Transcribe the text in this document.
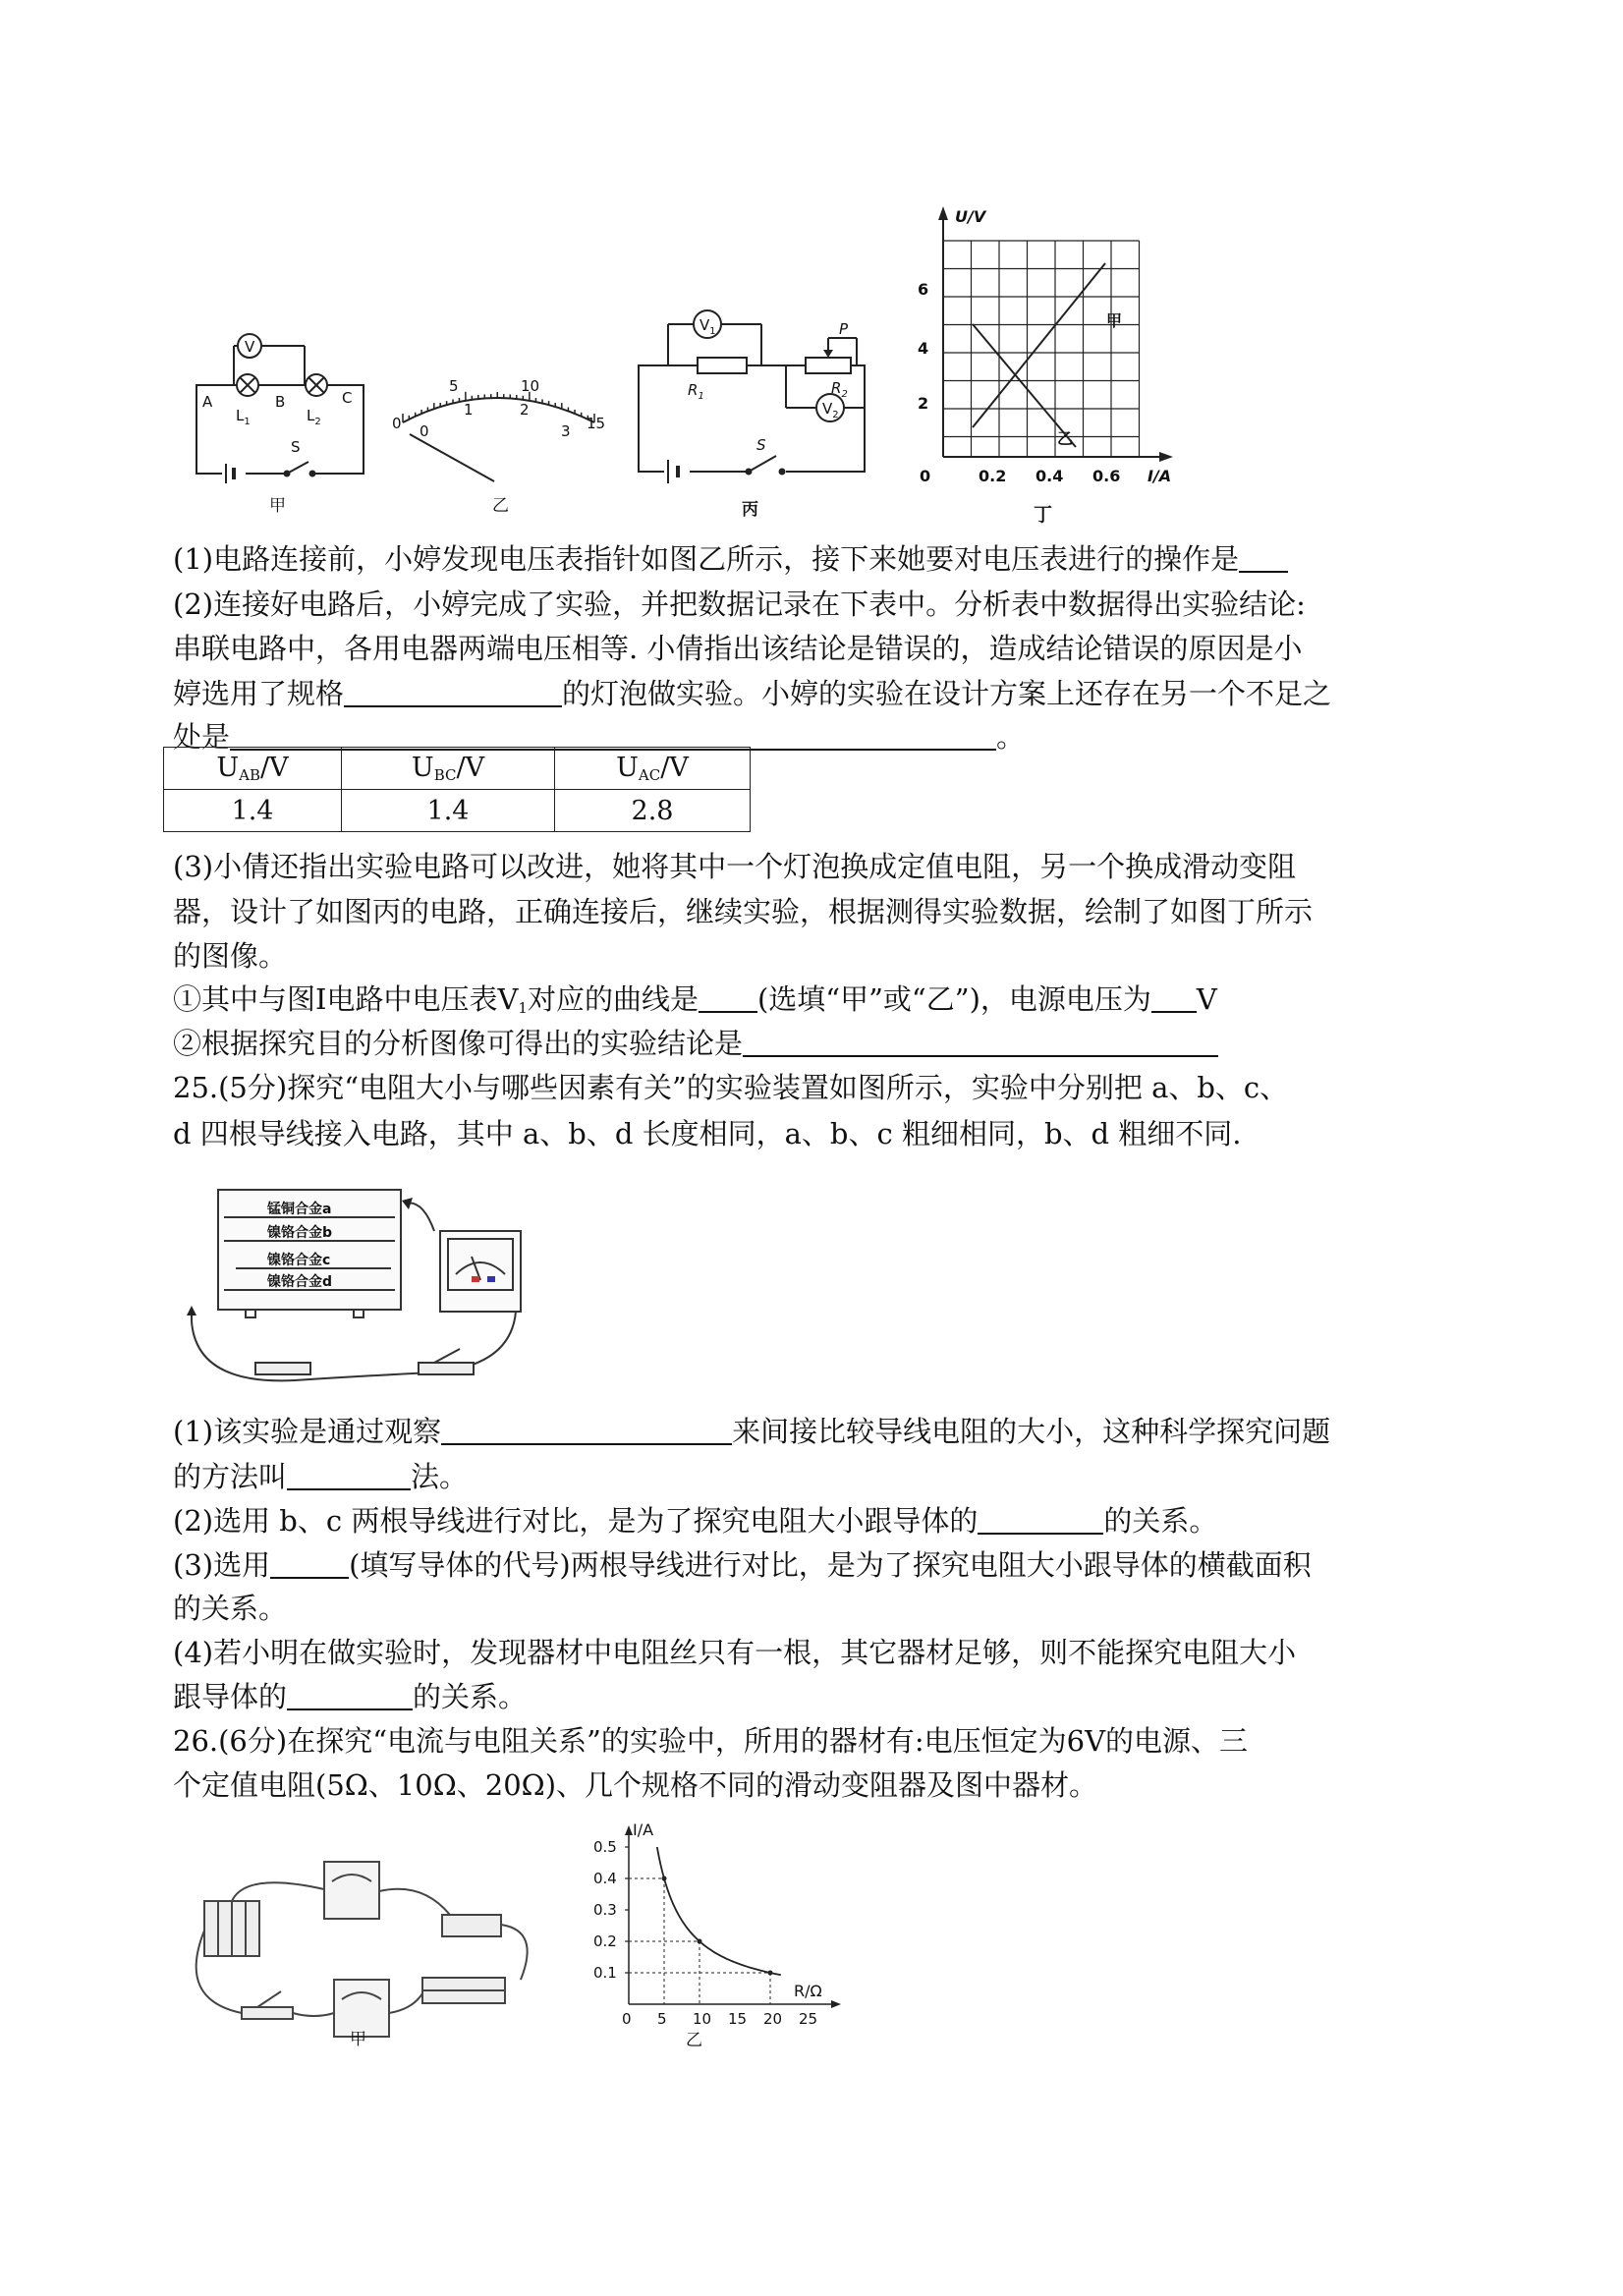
V
A	B	C
$L_1$	$L_2$
S
甲
0
5	10
15
0
1	2
3
乙
$V_1$
$R_1$
P
$R_2$
$V_2$
S
丙
U/V
6
4
2
0	0.2 0.4 0.6 I/A
甲
乙
丁
(1)电路连接前，小婷发现电压表指针如图乙所示，接下来她要对电压表进行的操作是
(2)连接好电路后，小婷完成了实验，并把数据记录在下表中。分析表中数据得出实验结论:
串联电路中，各用电器两端电压相等. 小倩指出该结论是错误的，造成结论错误的原因是小
婷选用了规格	的灯泡做实验。小婷的实验在设计方案上还存在另一个不足之
处是	。
$U_{AB}/V$	$U_{BC}/V$	$U_{AC}/V$
1.4	1.4	2.8
(3)小倩还指出实验电路可以改进，她将其中一个灯泡换成定值电阻，另一个换成滑动变阻
器，设计了如图丙的电路，正确连接后，继续实验，根据测得实验数据，绘制了如图丁所示
的图像。
①其中与图Ⅰ电路中电压表$V_1$对应的曲线是 (选填“甲”或“乙”)，电源电压为 V
②根据探究目的分析图像可得出的实验结论是
25.(5分)探究“电阻大小与哪些因素有关”的实验装置如图所示，实验中分别把 a、b、c、
d 四根导线接入电路，其中 a、b、d 长度相同，a、b、c 粗细相同，b、d 粗细不同.
锰铜合金a
镍铬合金b
镍铬合金c
镍铬合金d
(1)该实验是通过观察	来间接比较导线电阻的大小，这种科学探究问题
的方法叫	法。
(2)选用 b、c 两根导线进行对比，是为了探究电阻大小跟导体的	的关系。
(3)选用	(填写导体的代号)两根导线进行对比，是为了探究电阻大小跟导体的横截面积
的关系。
(4)若小明在做实验时，发现器材中电阻丝只有一根，其它器材足够，则不能探究电阻大小
跟导体的	的关系。
26.(6分)在探究“电流与电阻关系”的实验中，所用的器材有:电压恒定为6V的电源、三
个定值电阻(5Ω、10Ω、20Ω)、几个规格不同的滑动变阻器及图中器材。
甲
I/A
R/Ω
乙
0 5 10 15 20 25
0.1
0.2
0.3
0.4
0.5
